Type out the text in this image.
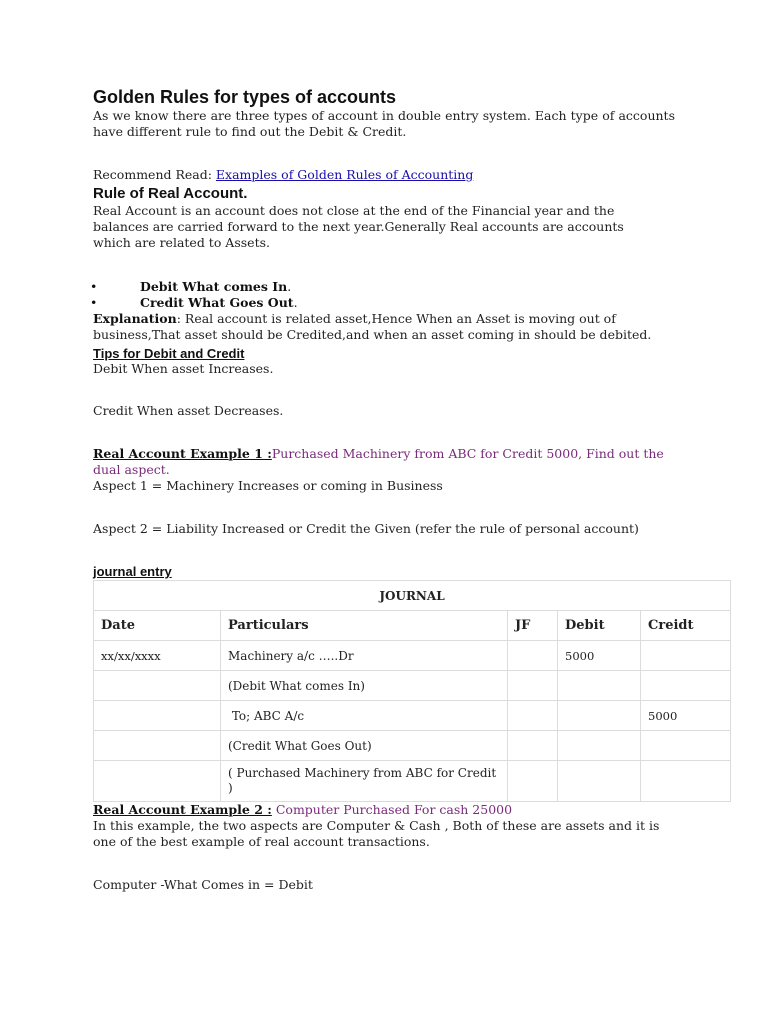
Golden Rules for types of accounts

As we know there are three types of account in double entry system. Each type of accounts have different rule to find out the Debit & Credit.

Recommend Read: Examples of Golden Rules of Accounting

Rule of Real Account.

Real Account is an account does not close at the end of the Financial year and the balances are carried forward to the next year.Generally Real accounts are accounts which are related to Assets.

•	Debit What comes In.
•	Credit What Goes Out.

Explanation: Real account is related asset,Hence When an Asset is moving out of business,That asset should be Credited,and when an asset coming in should be debited.

Tips for Debit and Credit

Debit When asset Increases.

Credit When asset Decreases.

Real Account Example 1 :Purchased Machinery from ABC for Credit 5000, Find out the dual aspect.

Aspect 1 = Machinery Increases or coming in Business

Aspect 2 = Liability Increased or Credit the Given (refer the rule of personal account)

journal entry
JOURNAL				
Date	Particulars	JF	Debit	Creidt
xx/xx/xxxx	Machinery a/c …..Dr		5000	
	(Debit What comes In)			
	To; ABC A/c			5000
	(Credit What Goes Out)			
	( Purchased Machinery from ABC for Credit )			

Real Account Example 2 : Computer Purchased For cash 25000

In this example, the two aspects are Computer & Cash , Both of these are assets and it is one of the best example of real account transactions.

Computer -What Comes in = Debit
